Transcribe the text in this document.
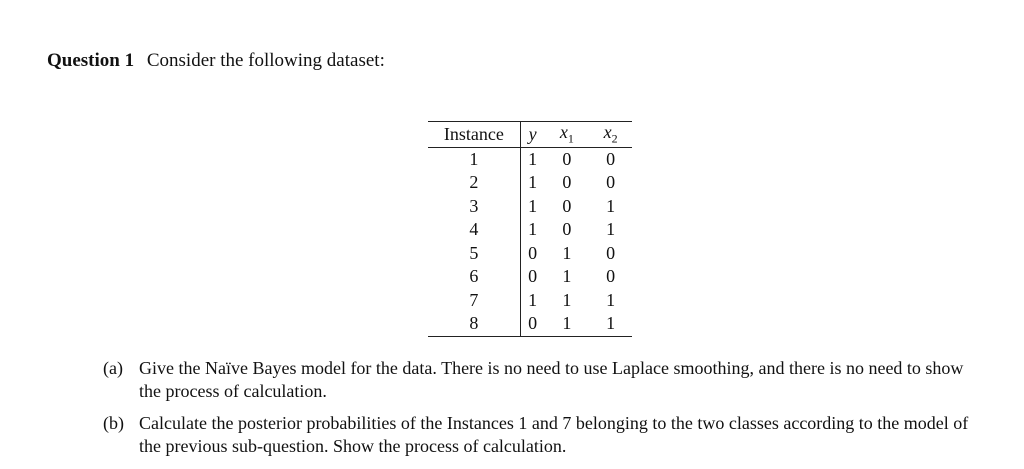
Question 1 Consider the following dataset:
Instance	y	$x_1$	$x_2$
1	1	0	0
2	1	0	0
3	1	0	1
4	1	0	1
5	0	1	0
6	0	1	0
7	1	1	1
8	0	1	1
(a) Give the Naïve Bayes model for the data. There is no need to use Laplace smoothing, and there is no need to show the process of calculation.
(b) Calculate the posterior probabilities of the Instances 1 and 7 belonging to the two classes according to the model of the previous sub-question. Show the process of calculation.
